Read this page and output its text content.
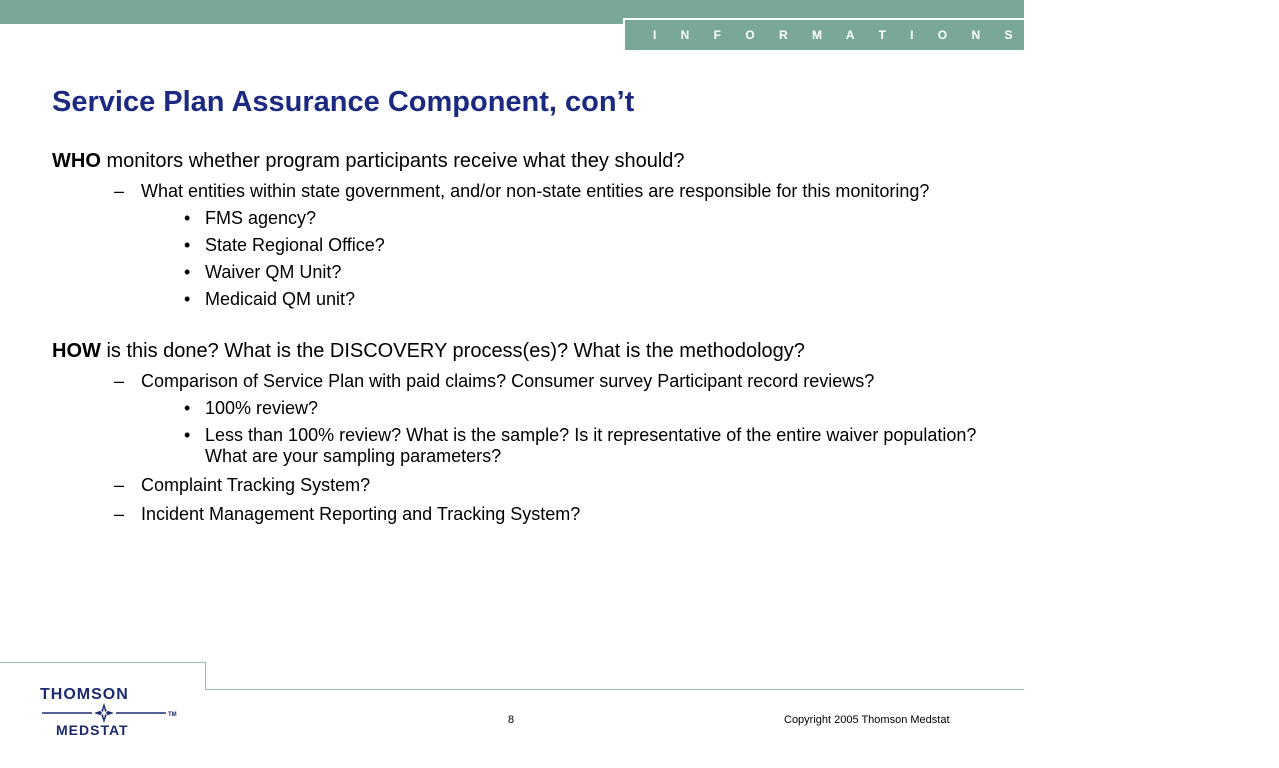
I N F O R M A T I O N S O L U T I O N S
Service Plan Assurance Component, con’t

WHO monitors whether program participants receive what they should?

– What entities within state government, and/or non-state entities are responsible for this monitoring?

• FMS agency?

• State Regional Office?

• Waiver QM Unit?

• Medicaid QM unit?

HOW is this done? What is the DISCOVERY process(es)? What is the methodology?

– Comparison of Service Plan with paid claims? Consumer survey Participant record reviews?

• 100% review?

• Less than 100% review? What is the sample? Is it representative of the entire waiver population? What are your sampling parameters?

– Complaint Tracking System?

– Incident Management Reporting and Tracking System?

THOMSON
TM
MEDSTAT
8	Copyright 2005 Thomson Medstat
